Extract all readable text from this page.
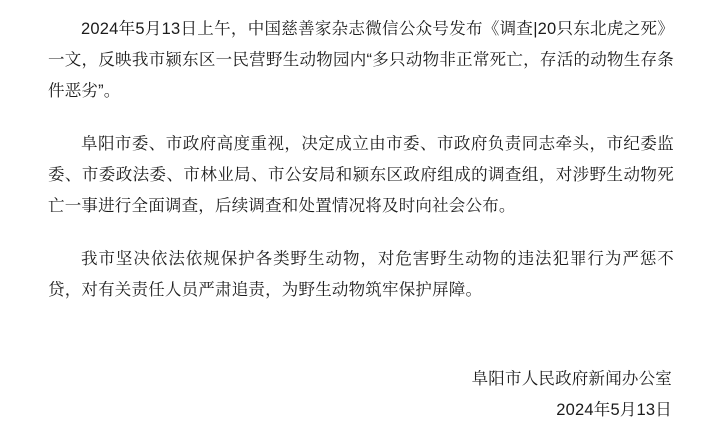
2024年5月13日上午，中国慈善家杂志微信公众号发布《调查|20只东北虎之死》一文，反映我市颍东区一民营野生动物园内“多只动物非正常死亡，存活的动物生存条件恶劣”。

阜阳市委、市政府高度重视，决定成立由市委、市政府负责同志牵头，市纪委监委、市委政法委、市林业局、市公安局和颍东区政府组成的调查组，对涉野生动物死亡一事进行全面调查，后续调查和处置情况将及时向社会公布。

我市坚决依法依规保护各类野生动物，对危害野生动物的违法犯罪行为严惩不贷，对有关责任人员严肃追责，为野生动物筑牢保护屏障。

阜阳市人民政府新闻办公室
2024年5月13日
